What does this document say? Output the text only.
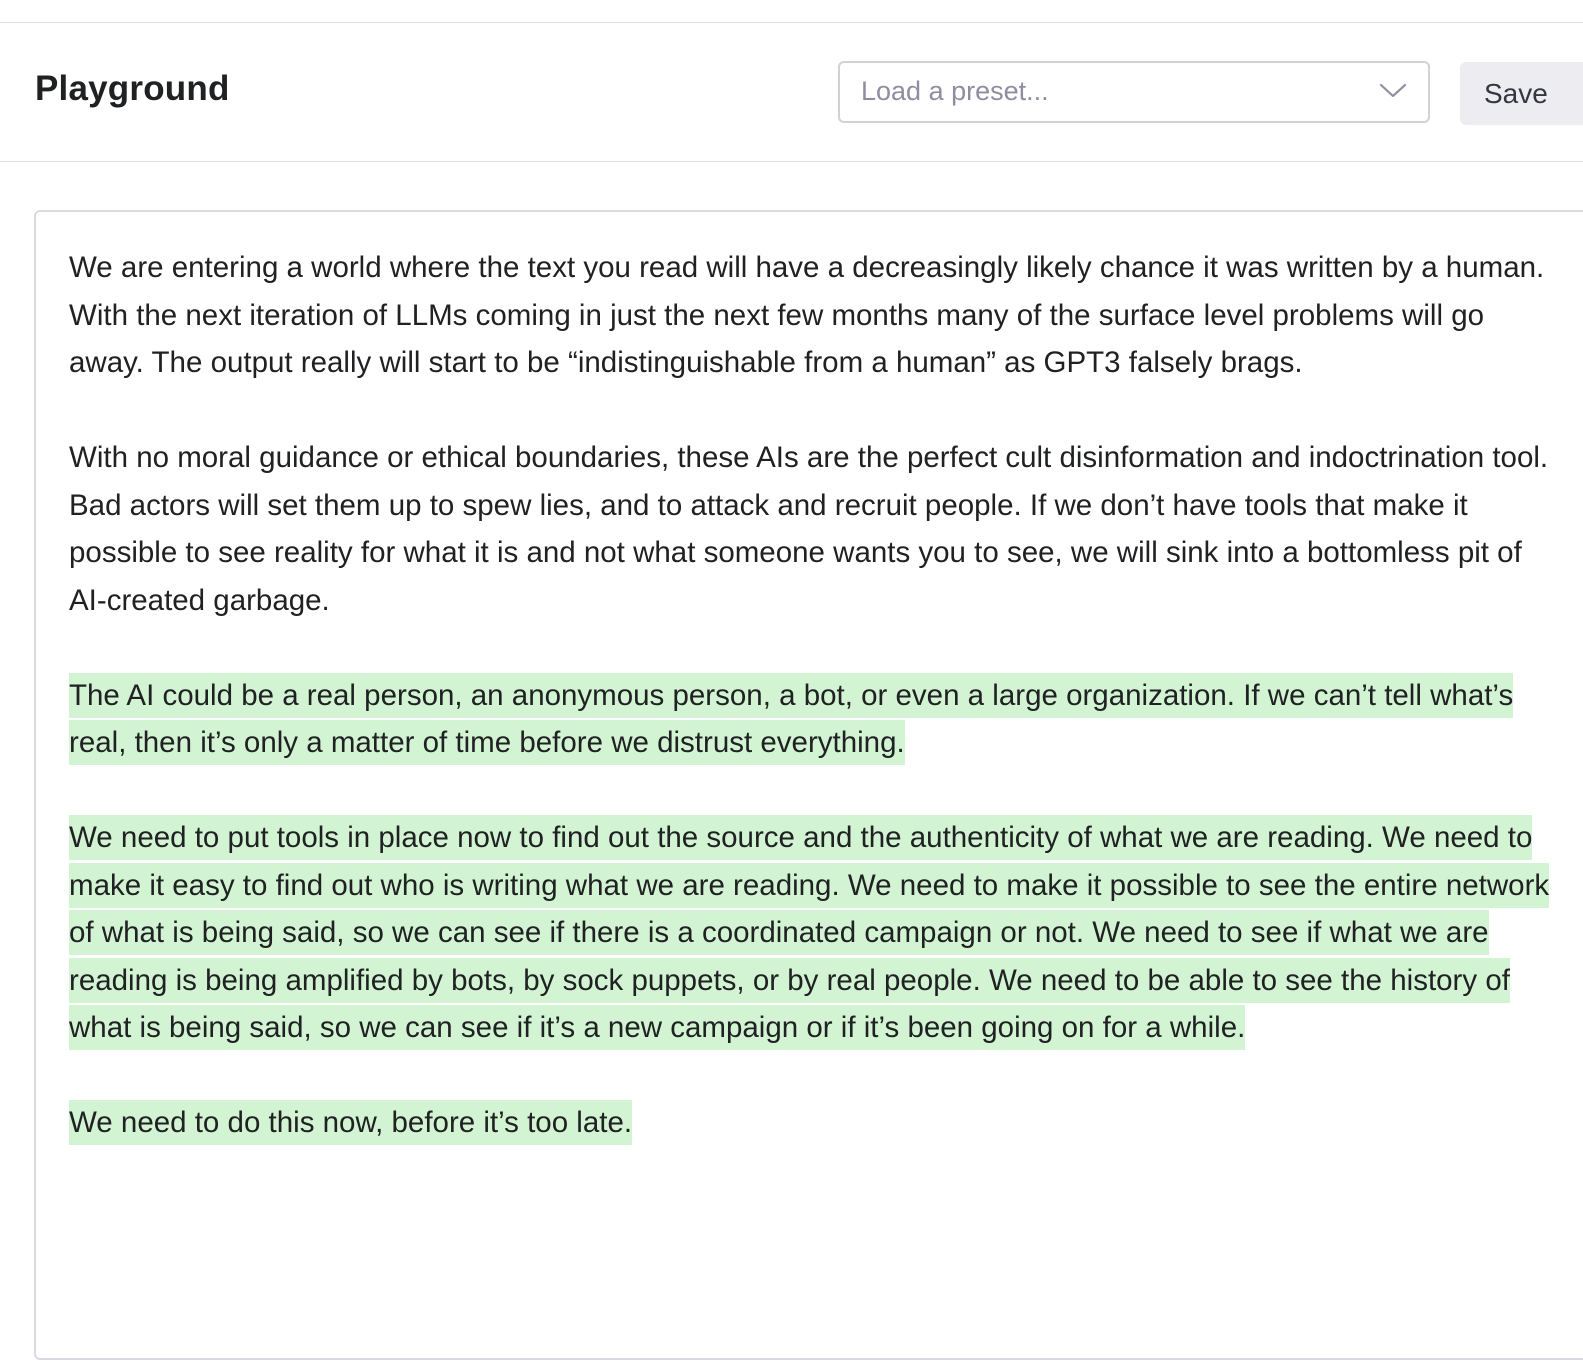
Playground	Load a preset...	Save

We are entering a world where the text you read will have a decreasingly likely chance it was written by a human. With the next iteration of LLMs coming in just the next few months many of the surface level problems will go away. The output really will start to be “indistinguishable from a human” as GPT3 falsely brags.

With no moral guidance or ethical boundaries, these AIs are the perfect cult disinformation and indoctrination tool. Bad actors will set them up to spew lies, and to attack and recruit people. If we don’t have tools that make it possible to see reality for what it is and not what someone wants you to see, we will sink into a bottomless pit of AI-created garbage.

The AI could be a real person, an anonymous person, a bot, or even a large organization. If we can’t tell what’s real, then it’s only a matter of time before we distrust everything.

We need to put tools in place now to find out the source and the authenticity of what we are reading. We need to make it easy to find out who is writing what we are reading. We need to make it possible to see the entire network of what is being said, so we can see if there is a coordinated campaign or not. We need to see if what we are reading is being amplified by bots, by sock puppets, or by real people. We need to be able to see the history of what is being said, so we can see if it’s a new campaign or if it’s been going on for a while.

We need to do this now, before it’s too late.
